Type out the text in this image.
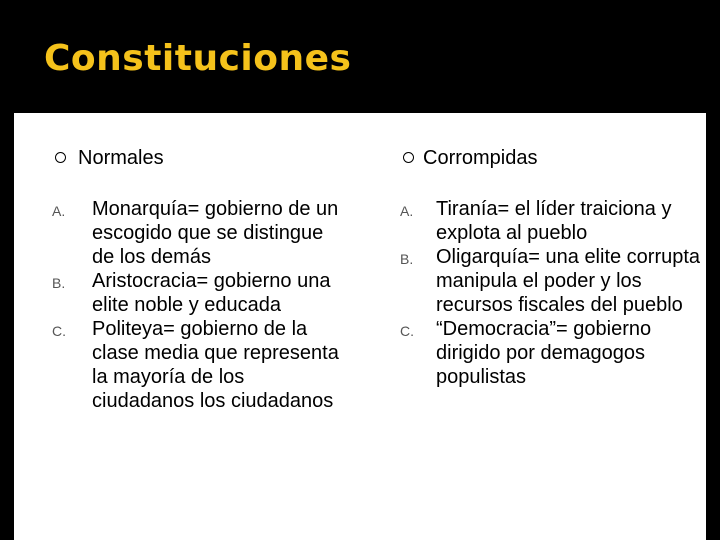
Constituciones
Normales
A. Monarquía= gobierno de un escogido que se distingue de los demás
B. Aristocracia= gobierno una elite noble y educada
C. Politeya= gobierno de la clase media que representa la mayoría de los ciudadanos los ciudadanos
Corrompidas
A. Tiranía= el líder traiciona y explota al pueblo
B. Oligarquía= una elite corrupta manipula el poder y los recursos fiscales del pueblo
C. “Democracia”= gobierno dirigido por demagogos populistas
